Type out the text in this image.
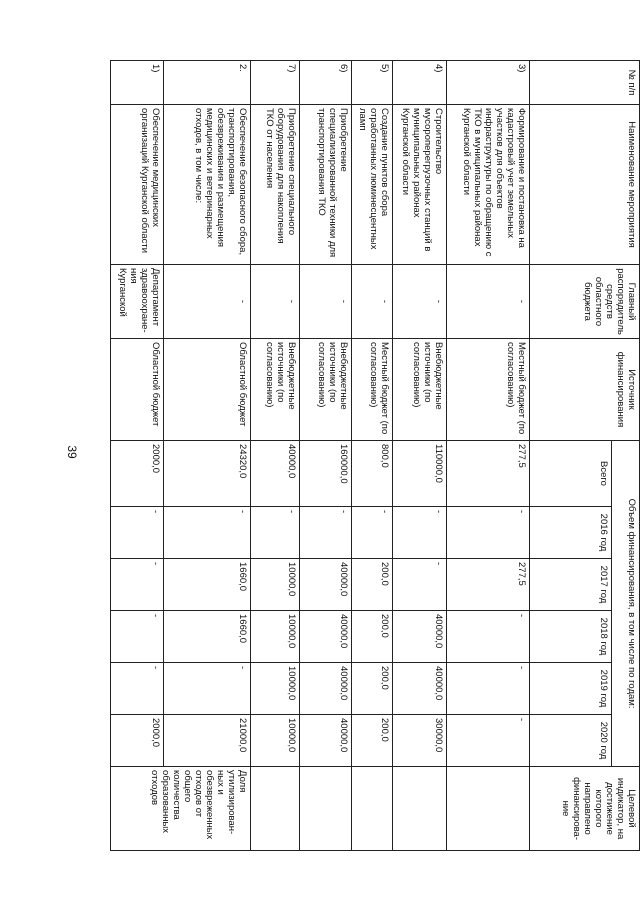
39
№ п/п	Наименование мероприятия	Главный распорядитель средств областного бюджета	Источник финансирования	Объем финансирования, в том числе по годам:						Целевой индикатор, на достижение которого направлено финансирова-ние
				Всего	2016 год	2017 год	2018 год	2019 год	2020 год	
3)	Формирование и постановка на кадастровый учет земельных участков для объектов инфраструктуры по обращению с ТКО в муниципальных районах Курганской области	-	Местный бюджет (по согласованию)	277,5	-	277,5	-	-	-	
4)	Строительство мусороперегрузочных станций в муниципальных районах Курганской области	-	Внебюджетные источники (по согласованию)	110000,0	-	-	40000,0	40000,0	30000,0	
5)	Создание пунктов сбора отработанных люминесцентных ламп	-	Местный бюджет (по согласованию)	800,0	-	200,0	200,0	200,0	200,0	
6)	Приобретение специализированной техники для транспортирования ТКО	-	Внебюджетные источники (по согласованию)	160000,0	-	40000,0	40000,0	40000,0	40000,0	
7)	Приобретение специального оборудования для накопления ТКО от населения	-	Внебюджетные источники (по согласованию)	40000,0	-	10000,0	10000,0	10000,0	10000,0	
2.	Обеспечение безопасного сбора, транспортирования, обезвреживания и размещения медицинских и ветеринарных отходов, в том числе:	-	Областной бюджет	24320,0	-	1660,0	1660,0	-	21000,0	Доля утилизирован-ных и обезвреженных отходов от общего количества образованных отходов
1)	Обеспечение медицинских организаций Курганской области	Департамент здравоохране-ния Курганской	Областной бюджет	2000,0	-	-	-	-	2000,0	
